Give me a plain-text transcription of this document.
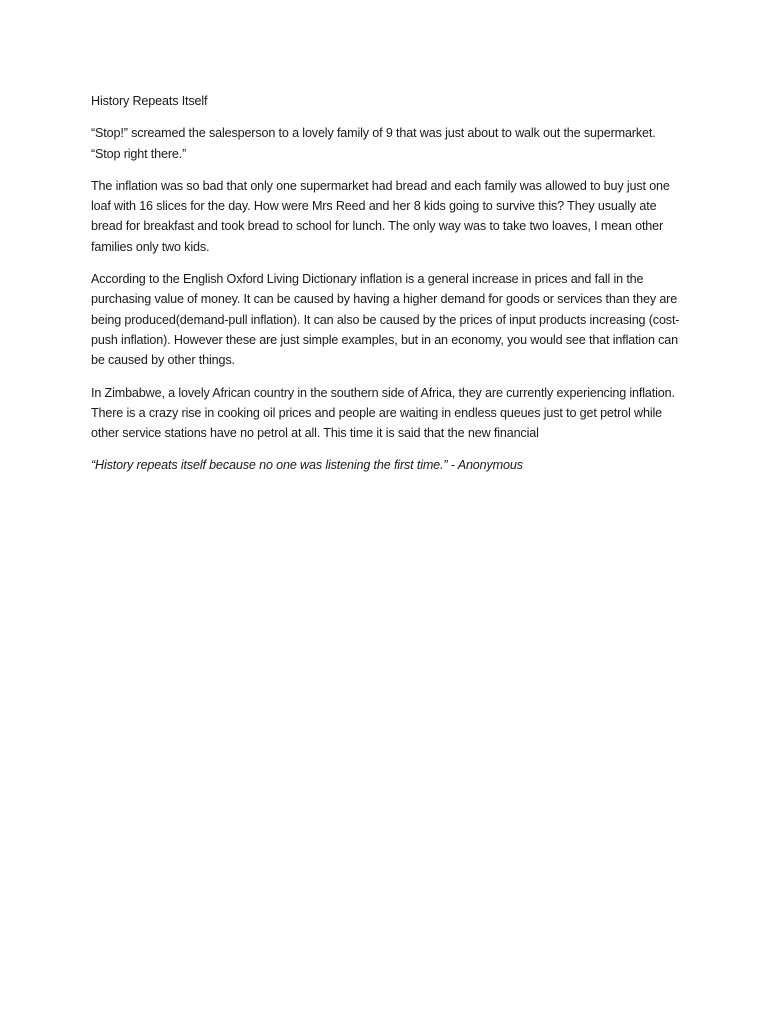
History Repeats Itself

“Stop!” screamed the salesperson to a lovely family of 9 that was just about to walk out the supermarket. “Stop right there.”

The inflation was so bad that only one supermarket had bread and each family was allowed to buy just one loaf with 16 slices for the day. How were Mrs Reed and her 8 kids going to survive this? They usually ate bread for breakfast and took bread to school for lunch. The only way was to take two loaves, I mean other families only two kids.

According to the English Oxford Living Dictionary inflation is a general increase in prices and fall in the purchasing value of money. It can be caused by having a higher demand for goods or services than they are being produced(demand-pull inflation). It can also be caused by the prices of input products increasing (cost-push inflation). However these are just simple examples, but in an economy, you would see that inflation can be caused by other things.

In Zimbabwe, a lovely African country in the southern side of Africa, they are currently experiencing inflation. There is a crazy rise in cooking oil prices and people are waiting in endless queues just to get petrol while other service stations have no petrol at all. This time it is said that the new financial

“History repeats itself because no one was listening the first time.” - Anonymous
